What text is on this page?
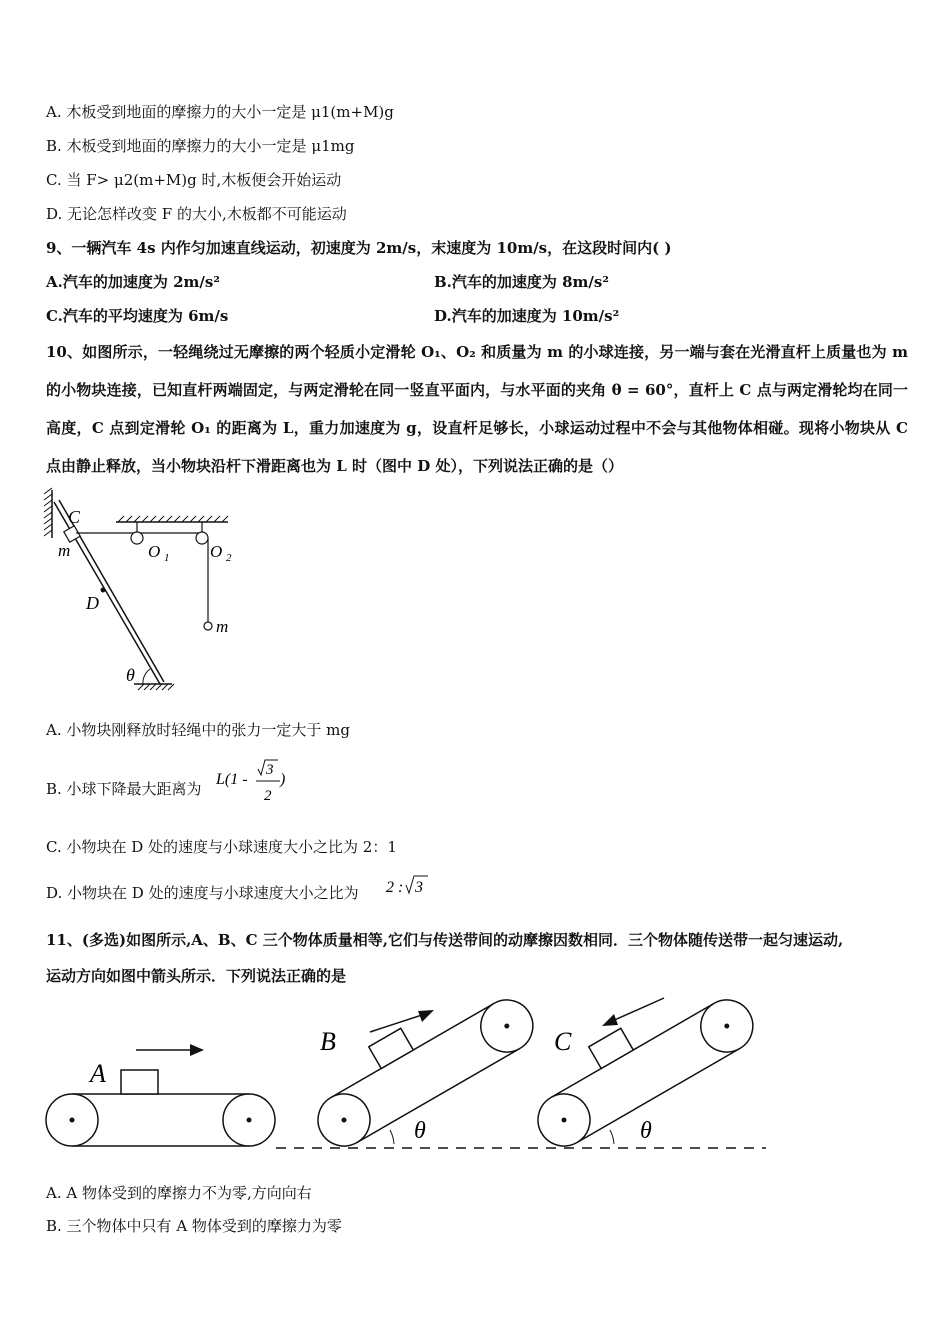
A. 木板受到地面的摩擦力的大小一定是 μ1(m+M)g
B. 木板受到地面的摩擦力的大小一定是 μ1mg
C. 当 F> μ2(m+M)g 时,木板便会开始运动
D. 无论怎样改变 F 的大小,木板都不可能运动
9、一辆汽车 4s 内作匀加速直线运动，初速度为 2m/s，末速度为 10m/s，在这段时间内( )
A.汽车的加速度为 2m/s²	B.汽车的加速度为 8m/s²
C.汽车的平均速度为 6m/s	D.汽车的加速度为 10m/s²
10、如图所示，一轻绳绕过无摩擦的两个轻质小定滑轮 O₁、O₂ 和质量为 m 的小球连接，另一端与套在光滑直杆上质量也为 m 的小物块连接，已知直杆两端固定，与两定滑轮在同一竖直平面内，与水平面的夹角 θ = 60°，直杆上 C 点与两定滑轮均在同一高度，C 点到定滑轮 O₁ 的距离为 L，重力加速度为 g，设直杆足够长，小球运动过程中不会与其他物体相碰。现将小物块从 C 点由静止释放，当小物块沿杆下滑距离也为 L 时（图中 D 处），下列说法正确的是（）
C
m	O 1 O 2
D
m
θ
A. 小物块刚释放时轻绳中的张力一定大于 mg
B. 小球下降最大距离为
L(1 -
3
2
)
C. 小物块在 D 处的速度与小球速度大小之比为 2：1
D. 小物块在 D 处的速度与小球速度大小之比为 2 : 3
11、(多选)如图所示,A、B、C 三个物体质量相等,它们与传送带间的动摩擦因数相同．三个物体随传送带一起匀速运动,
运动方向如图中箭头所示．下列说法正确的是
A
B
θ
C
θ
A. A 物体受到的摩擦力不为零,方向向右
B. 三个物体中只有 A 物体受到的摩擦力为零
